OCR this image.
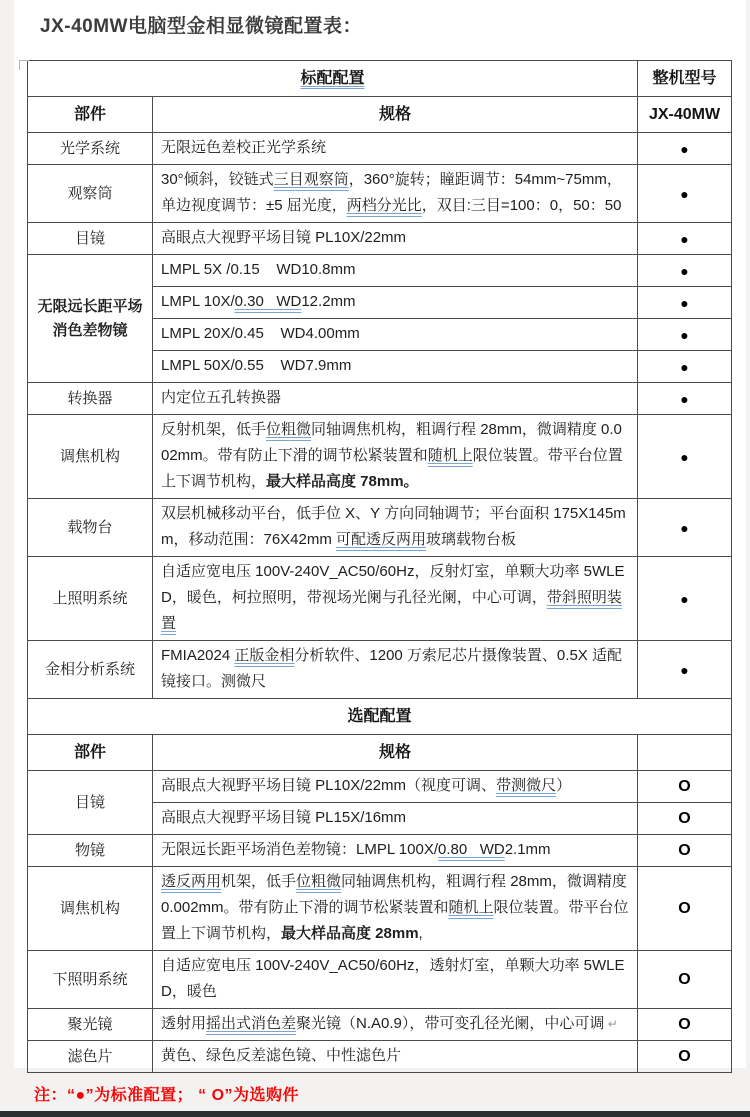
JX-40MW电脑型金相显微镜配置表：
标配配置		整机型号
部件	规格	JX-40MW
光学系统	无限远色差校正光学系统	●
观察筒	30°倾斜，铰链式三目观察筒，360°旋转；瞳距调节：54mm~75mm，单边视度调节：±5 屈光度，两档分光比，双目:三目=100：0，50：50	●
目镜	高眼点大视野平场目镜 PL10X/22mm	●
无限远长距平场消色差物镜	LMPL 5X /0.15    WD10.8mm	●
	LMPL 10X/0.30   WD12.2mm	●
	LMPL 20X/0.45    WD4.00mm	●
	LMPL 50X/0.55    WD7.9mm	●
转换器	内定位五孔转换器	●
调焦机构	反射机架，低手位粗微同轴调焦机构，粗调行程 28mm，微调精度 0.002mm。带有防止下滑的调节松紧装置和随机上限位装置。带平台位置上下调节机构，最大样品高度 78mm。	●
载物台	双层机械移动平台，低手位 X、Y 方向同轴调节；平台面积 175X145mm，移动范围：76X42mm 可配透反两用玻璃载物台板	●
上照明系统	自适应宽电压 100V-240V_AC50/60Hz，反射灯室，单颗大功率 5WLED，暖色，柯拉照明，带视场光阑与孔径光阑，中心可调，带斜照明装置	●
金相分析系统	FMIA2024 正版金相分析软件、1200 万索尼芯片摄像装置、0.5X 适配镜接口。测微尺	●
选配配置		
部件	规格	
目镜	高眼点大视野平场目镜 PL10X/22mm（视度可调、带测微尺）	O
	高眼点大视野平场目镜 PL15X/16mm	O
物镜	无限远长距平场消色差物镜：LMPL 100X/0.80   WD2.1mm	O
调焦机构	透反两用机架，低手位粗微同轴调焦机构，粗调行程 28mm，微调精度 0.002mm。带有防止下滑的调节松紧装置和随机上限位装置。带平台位置上下调节机构，最大样品高度 28mm,	O
下照明系统	自适应宽电压 100V-240V_AC50/60Hz，透射灯室，单颗大功率 5WLED，暖色	O
聚光镜	透射用摇出式消色差聚光镜（N.A0.9），带可变孔径光阑，中心可调 ↵	O
滤色片	黄色、绿色反差滤色镜、中性滤色片	O
注：“●”为标准配置； “ O”为选购件
